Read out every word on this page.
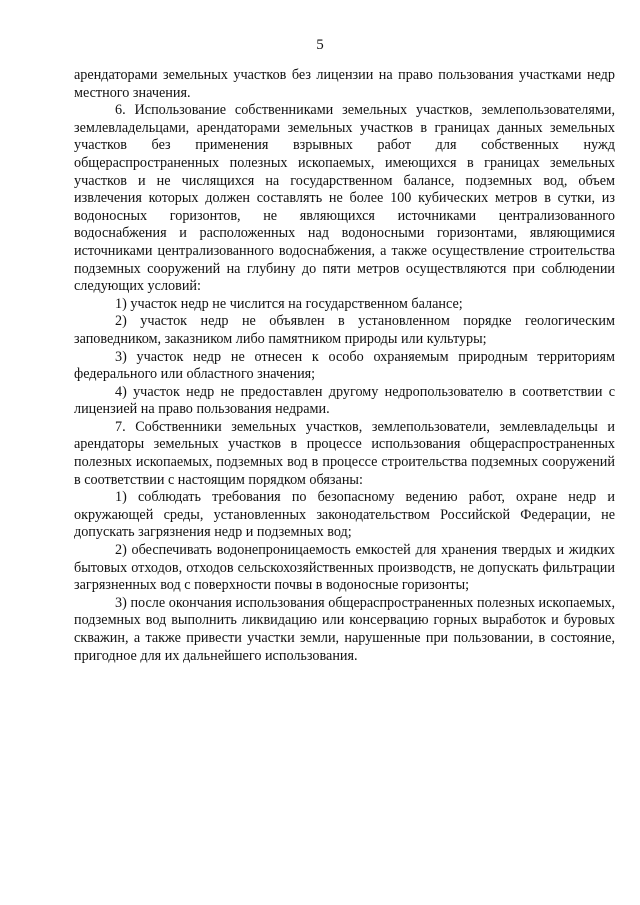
5

арендаторами земельных участков без лицензии на право пользования участками недр местного значения.

6. Использование собственниками земельных участков, землепользователями, землевладельцами, арендаторами земельных участков в границах данных земельных участков без применения взрывных работ для собственных нужд общераспространенных полезных ископаемых, имеющихся в границах земельных участков и не числящихся на государственном балансе, подземных вод, объем извлечения которых должен составлять не более 100 кубических метров в сутки, из водоносных горизонтов, не являющихся источниками централизованного водоснабжения и расположенных над водоносными горизонтами, являющимися источниками централизованного водоснабжения, а также осуществление строительства подземных сооружений на глубину до пяти метров осуществляются при соблюдении следующих условий:

1) участок недр не числится на государственном балансе;

2) участок недр не объявлен в установленном порядке геологическим заповедником, заказником либо памятником природы или культуры;

3) участок недр не отнесен к особо охраняемым природным территориям федерального или областного значения;

4) участок недр не предоставлен другому недропользователю в соответствии с лицензией на право пользования недрами.

7. Собственники земельных участков, землепользователи, землевладельцы и арендаторы земельных участков в процессе использования общераспространенных полезных ископаемых, подземных вод в процессе строительства подземных сооружений в соответствии с настоящим порядком обязаны:

1) соблюдать требования по безопасному ведению работ, охране недр и окружающей среды, установленных законодательством Российской Федерации, не допускать загрязнения недр и подземных вод;

2) обеспечивать водонепроницаемость емкостей для хранения твердых и жидких бытовых отходов, отходов сельскохозяйственных производств, не допускать фильтрации загрязненных вод с поверхности почвы в водоносные горизонты;

3) после окончания использования общераспространенных полезных ископаемых, подземных вод выполнить ликвидацию или консервацию горных выработок и буровых скважин, а также привести участки земли, нарушенные при пользовании, в состояние, пригодное для их дальнейшего использования.
